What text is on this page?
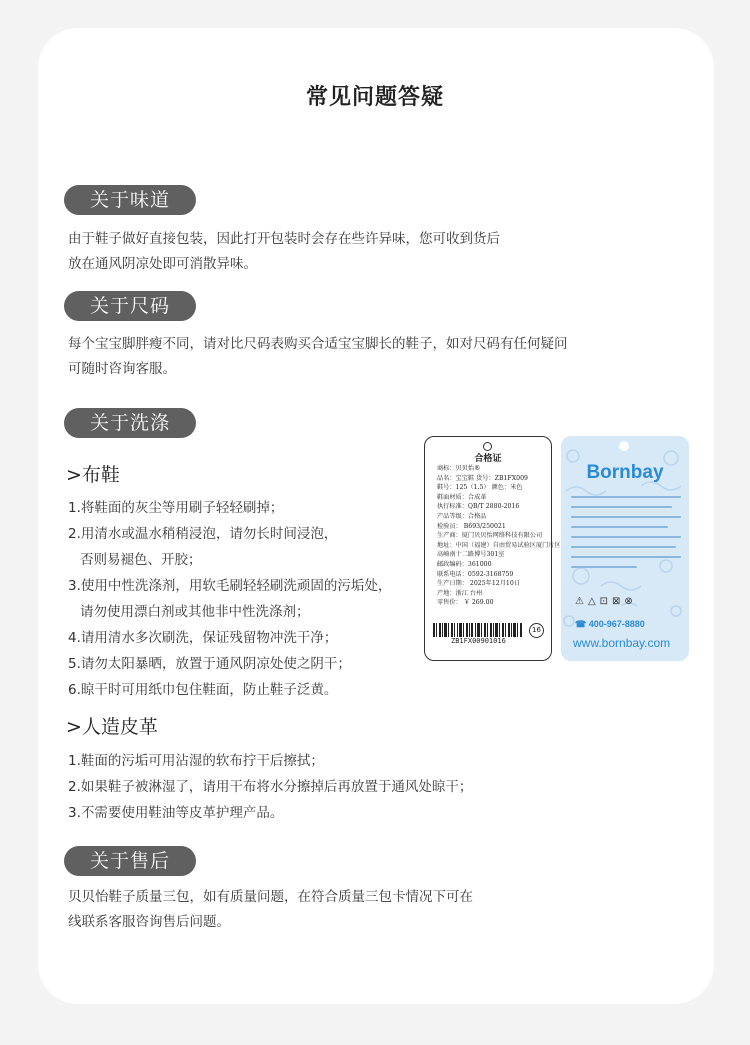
常见问题答疑
关于味道
由于鞋子做好直接包装，因此打开包装时会存在些许异味，您可收到货后
放在通风阴凉处即可消散异味。
关于尺码
每个宝宝脚胖瘦不同，请对比尺码表购买合适宝宝脚长的鞋子，如对尺码有任何疑问
可随时咨询客服。
关于洗涤
>布鞋
1.将鞋面的灰尘等用刷子轻轻刷掉；
2.用清水或温水稍稍浸泡，请勿长时间浸泡，
否则易褪色、开胶；
3.使用中性洗涤剂，用软毛刷轻轻刷洗顽固的污垢处，
请勿使用漂白剂或其他非中性洗涤剂；
4.请用清水多次刷洗，保证残留物冲洗干净；
5.请勿太阳暴晒，放置于通风阴凉处使之阴干；
6.晾干时可用纸巾包住鞋面，防止鞋子泛黄。
>人造皮革
1.鞋面的污垢可用沾湿的软布拧干后擦拭；
2.如果鞋子被淋湿了，请用干布将水分擦掉后再放置于通风处晾干；
3.不需要使用鞋油等皮革护理产品。
关于售后
贝贝怡鞋子质量三包，如有质量问题，在符合质量三包卡情况下可在
线联系客服咨询售后问题。
合格证
商标：贝贝怡®
品名：宝宝鞋 货号：ZB1FX009
鞋号：125（1.5） 颜色：米色
鞋面材质：合成革
执行标准：QB/T 2880-2016
产品等级：合格品
检验员： B693/250021
生产商：厦门贝贝怡网络科技有限公司
地址：中国（福建）自由贸易试验区厦门片区
高崎南十二路博号301室
邮政编码：361000
联系电话：0592-3168759
生产日期： 2025年12月10日
产地：浙江 台州
零售价： ￥ 269.00
ZB1FX00901016
16
Bornbay
⚠△⊡⊠⊗
☎ 400-967-8880
www.bornbay.com
